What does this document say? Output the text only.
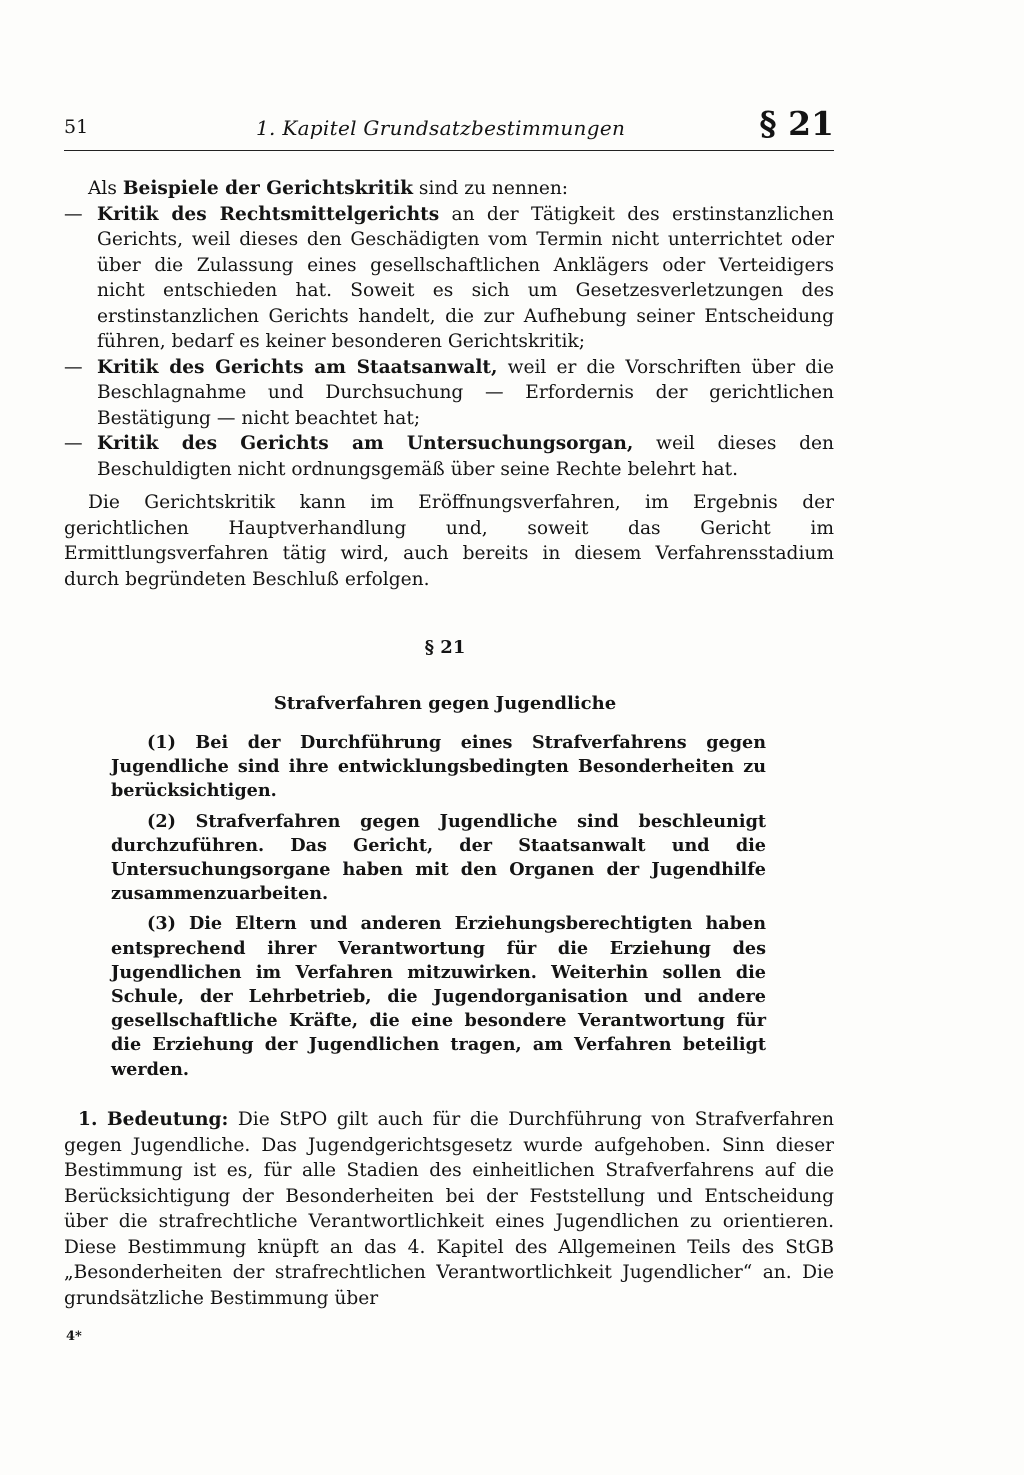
51	1. Kapitel Grundsatzbestimmungen	§ 21

Als Beispiele der Gerichtskritik sind zu nennen:

— Kritik des Rechtsmittelgerichts an der Tätigkeit des erstinstanzlichen Gerichts, weil dieses den Geschädigten vom Termin nicht unterrichtet oder über die Zulassung eines gesellschaftlichen Anklägers oder Verteidigers nicht entschieden hat. Soweit es sich um Gesetzesverletzungen des erstinstanzlichen Gerichts handelt, die zur Aufhebung seiner Entscheidung führen, bedarf es keiner besonderen Gerichtskritik;

— Kritik des Gerichts am Staatsanwalt, weil er die Vorschriften über die Beschlagnahme und Durchsuchung — Erfordernis der gerichtlichen Bestätigung — nicht beachtet hat;

— Kritik des Gerichts am Untersuchungsorgan, weil dieses den Beschuldigten nicht ordnungsgemäß über seine Rechte belehrt hat.

Die Gerichtskritik kann im Eröffnungsverfahren, im Ergebnis der gerichtlichen Hauptverhandlung und, soweit das Gericht im Ermittlungsverfahren tätig wird, auch bereits in diesem Verfahrensstadium durch begründeten Beschluß erfolgen.

§ 21
Strafverfahren gegen Jugendliche

(1) Bei der Durchführung eines Strafverfahrens gegen Jugendliche sind ihre entwicklungsbedingten Besonderheiten zu berücksichtigen.

(2) Strafverfahren gegen Jugendliche sind beschleunigt durchzuführen. Das Gericht, der Staatsanwalt und die Untersuchungsorgane haben mit den Organen der Jugendhilfe zusammenzuarbeiten.

(3) Die Eltern und anderen Erziehungsberechtigten haben entsprechend ihrer Verantwortung für die Erziehung des Jugendlichen im Verfahren mitzuwirken. Weiterhin sollen die Schule, der Lehrbetrieb, die Jugendorganisation und andere gesellschaftliche Kräfte, die eine besondere Verantwortung für die Erziehung der Jugendlichen tragen, am Verfahren beteiligt werden.

1. Bedeutung: Die StPO gilt auch für die Durchführung von Strafverfahren gegen Jugendliche. Das Jugendgerichtsgesetz wurde aufgehoben. Sinn dieser Bestimmung ist es, für alle Stadien des einheitlichen Strafverfahrens auf die Berücksichtigung der Besonderheiten bei der Feststellung und Entscheidung über die strafrechtliche Verantwortlichkeit eines Jugendlichen zu orientieren. Diese Bestimmung knüpft an das 4. Kapitel des Allgemeinen Teils des StGB „Besonderheiten der strafrechtlichen Verantwortlichkeit Jugendlicher“ an. Die grundsätzliche Bestimmung über

4*
